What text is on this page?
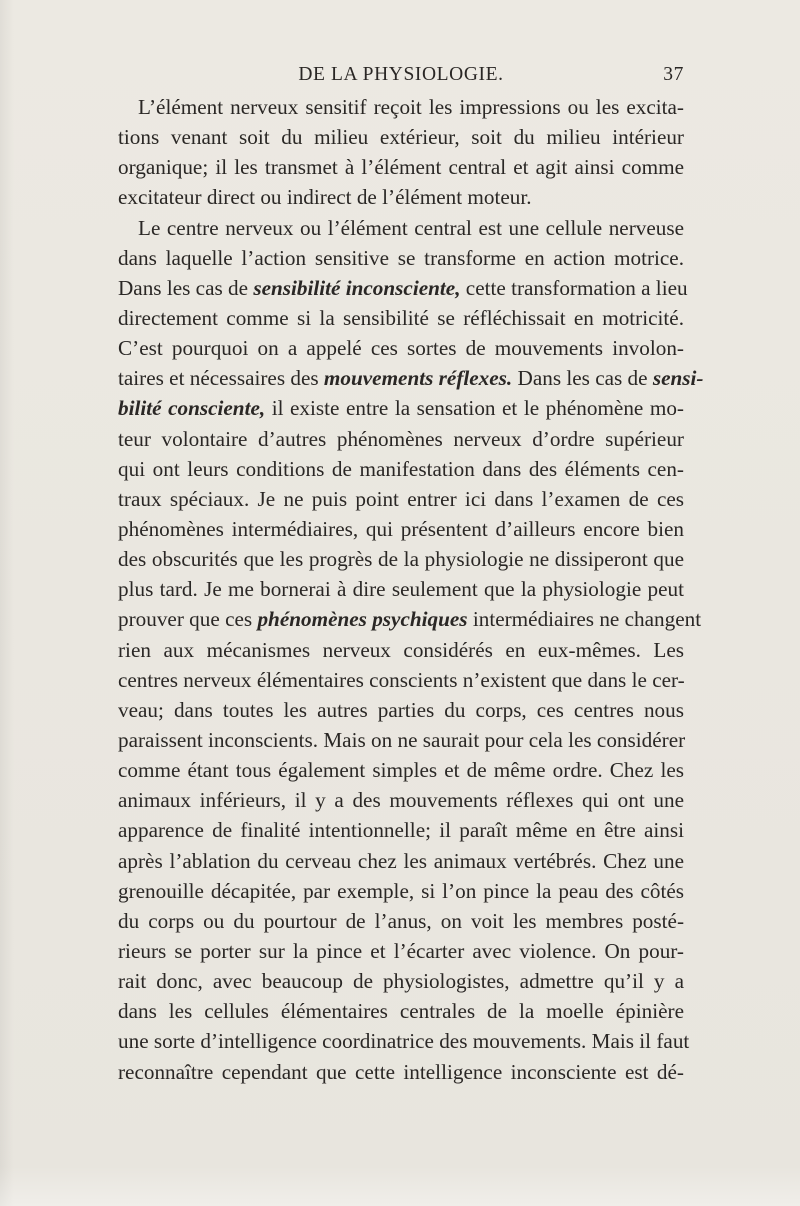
DE LA PHYSIOLOGIE.	37
L’élément nerveux sensitif reçoit les impressions ou les excita-
tions venant soit du milieu extérieur, soit du milieu intérieur
organique; il les transmet à l’élément central et agit ainsi comme
excitateur direct ou indirect de l’élément moteur.
Le centre nerveux ou l’élément central est une cellule nerveuse
dans laquelle l’action sensitive se transforme en action motrice.
Dans les cas de sensibilité inconsciente, cette transformation a lieu
directement comme si la sensibilité se réfléchissait en motricité.
C’est pourquoi on a appelé ces sortes de mouvements involon-
taires et nécessaires des mouvements réflexes. Dans les cas de sensi-
bilité consciente, il existe entre la sensation et le phénomène mo-
teur volontaire d’autres phénomènes nerveux d’ordre supérieur
qui ont leurs conditions de manifestation dans des éléments cen-
traux spéciaux. Je ne puis point entrer ici dans l’examen de ces
phénomènes intermédiaires, qui présentent d’ailleurs encore bien
des obscurités que les progrès de la physiologie ne dissiperont que
plus tard. Je me bornerai à dire seulement que la physiologie peut
prouver que ces phénomènes psychiques intermédiaires ne changent
rien aux mécanismes nerveux considérés en eux-mêmes. Les
centres nerveux élémentaires conscients n’existent que dans le cer-
veau; dans toutes les autres parties du corps, ces centres nous
paraissent inconscients. Mais on ne saurait pour cela les considérer
comme étant tous également simples et de même ordre. Chez les
animaux inférieurs, il y a des mouvements réflexes qui ont une
apparence de finalité intentionnelle; il paraît même en être ainsi
après l’ablation du cerveau chez les animaux vertébrés. Chez une
grenouille décapitée, par exemple, si l’on pince la peau des côtés
du corps ou du pourtour de l’anus, on voit les membres posté-
rieurs se porter sur la pince et l’écarter avec violence. On pour-
rait donc, avec beaucoup de physiologistes, admettre qu’il y a
dans les cellules élémentaires centrales de la moelle épinière
une sorte d’intelligence coordinatrice des mouvements. Mais il faut
reconnaître cependant que cette intelligence inconsciente est dé-
